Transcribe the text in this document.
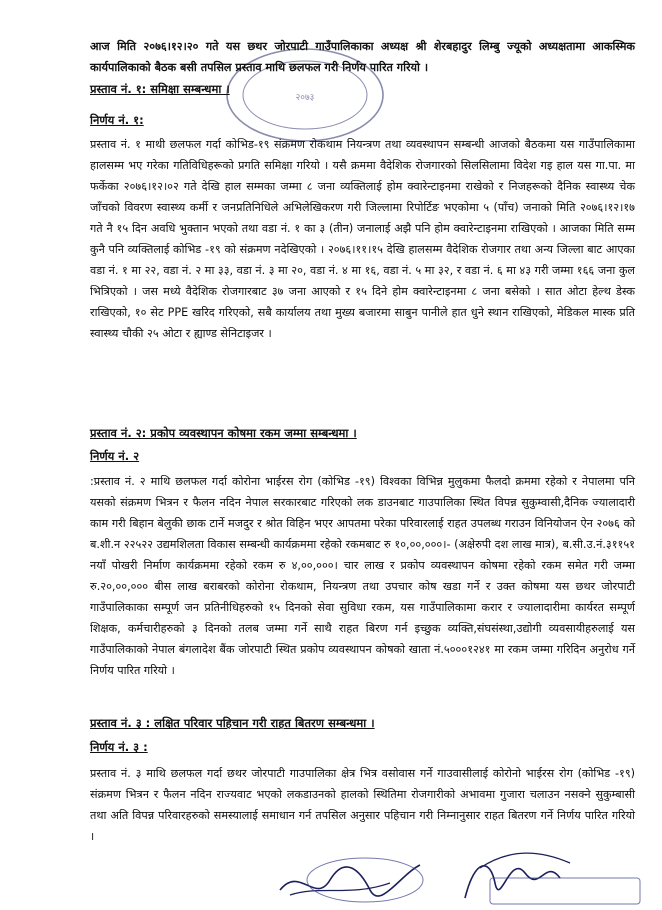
२०७३

आज मिति २०७६।१२।२० गते यस छथर जोरपाटी गाउँपालिकाका अध्यक्ष श्री शेरबहादुर लिम्बु ज्यूको अध्यक्षतामा आकस्मिक कार्यपालिकाको बैठक बसी तपसिल प्रस्ताव माथि छलफल गरी निर्णय पारित गरियो ।

प्रस्ताव नं. १: समिक्षा सम्बन्धमा ।

निर्णय नं. १:

प्रस्ताव नं. १ माथी छलफल गर्दा कोभिड-१९ संक्रमण रोकथाम नियन्त्रण तथा व्यवस्थापन सम्बन्धी आजको बैठकमा यस गाउँपालिकामा हालसम्म भए गरेका गतिविधिहरूको प्रगति समिक्षा गरियो । यसै क्रममा वैदेशिक रोजगारको सिलसिलामा विदेश गइ हाल यस गा.पा. मा फर्केका २०७६।१२।०२ गते देखि हाल सम्मका जम्मा ८ जना व्यक्तिलाई होम क्वारेन्टाइनमा राखेको र निजहरूको दैनिक स्वास्थ्य चेक जाँचको विवरण स्वास्थ्य कर्मी र जनप्रतिनिधिले अभिलेखिकरण गरी जिल्लामा रिपोर्टिङ भएकोमा ५ (पाँच) जनाको मिति २०७६।१२।१७ गते नै १५ दिन अवधि भुक्तान भएको तथा वडा नं. १ का ३ (तीन) जनालाई अझै पनि होम क्वारेन्टाइनमा राखिएको । आजका मिति सम्म कुनै पनि व्यक्तिलाई कोभिड -१९ को संक्रमण नदेखिएको । २०७६।११।१५ देखि हालसम्म वैदेशिक रोजगार तथा अन्य जिल्ला बाट आएका वडा नं. १ मा २२, वडा नं. २ मा ३३, वडा नं. ३ मा २०, वडा नं. ४ मा १६, वडा नं. ५ मा ३२, र वडा नं. ६ मा ४३ गरी जम्मा १६६ जना कुल भित्रिएको । जस मध्ये वैदेशिक रोजगारबाट ३७ जना आएको र १५ दिने होम क्वारेन्टाइनमा ८ जना बसेको । सात ओटा हेल्थ डेस्क राखिएको, १० सेट PPE खरिद गरिएको, सबै कार्यालय तथा मुख्य बजारमा साबुन पानीले हात धुने स्थान राखिएको, मेडिकल मास्क प्रति स्वास्थ्य चौकी २५ ओटा र ह्याण्ड सेनिटाइजर ।

प्रस्ताव नं. २: प्रकोप व्यवस्थापन कोषमा रकम जम्मा सम्बन्धमा ।

निर्णय नं. २

:प्रस्ताव नं. २ माथि छलफल गर्दा कोरोना भाईरस रोग (कोभिड -१९) विश्वका विभिन्न मुलुकमा फैलदो क्रममा रहेको र नेपालमा पनि यसको संक्रमण भित्रन र फैलन नदिन नेपाल सरकारबाट गरिएको लक डाउनबाट गाउपालिका स्थित विपन्न सुकुम्वासी,दैनिक ज्यालादारी काम गरी बिहान बेलुकी छाक टार्ने मजदुर र श्रोत विहिन भएर आपतमा परेका परिवारलाई राहत उपलब्ध गराउन विनियोजन ऐन २०७६ को ब.शी.न २२५२२ उद्यमशिलता विकास सम्बन्धी कार्यक्रममा रहेको रकमबाट रु १०,००,०००।- (अक्षेरुपी दश लाख मात्र), ब.सी.उ.नं.३११५१ नयाँ पोखरी निर्माण कार्यक्रममा रहेको रकम रु ४,००,०००। चार लाख र प्रकोप व्यवस्थापन कोषमा रहेको रकम समेत गरी जम्मा रु.२०,००,००० बीस लाख बराबरको कोरोना रोकथाम, नियन्त्रण तथा उपचार कोष खडा गर्ने र उक्त कोषमा यस छथर जोरपाटी गाउँपालिकाका सम्पूर्ण जन प्रतिनीधिहरुको १५ दिनको सेवा सुविधा रकम, यस गाउँपालिकामा करार र ज्यालादारीमा कार्यरत सम्पूर्ण शिक्षक, कर्मचारीहरुको ३ दिनको तलब जम्मा गर्ने साथै राहत बिरण गर्न इच्छुक व्यक्ति,संघसंस्था,उद्योगी व्यवसायीहरुलाई यस गाउँपालिकाको नेपाल बंगलादेश बैंक जोरपाटी स्थित प्रकोप व्यवस्थापन कोषको खाता नं.५०००१२४१ मा रकम जम्मा गरिदिन अनुरोध गर्ने निर्णय पारित गरियो ।

प्रस्ताव नं. ३ : लक्षित परिवार पहिचान गरी राहत बितरण सम्बन्धमा ।

निर्णय नं. ३ :

प्रस्ताव नं. ३ माथि छलफल गर्दा छथर जोरपाटी गाउपालिका क्षेत्र भित्र वसोवास गर्ने गाउवासीलाई कोरोनो भाईरस रोग (कोभिड -१९) संक्रमण भित्रन र फैलन नदिन राज्यवाट भएको लकडाउनको हालको स्थितिमा रोजगारीको अभावमा गुजारा चलाउन नसक्ने सुकुम्बासी तथा अति विपन्न परिवारहरुको समस्यालाई समाधान गर्न तपसिल अनुसार पहिचान गरी निम्नानुसार राहत बितरण गर्ने निर्णय पारित गरियो ।
